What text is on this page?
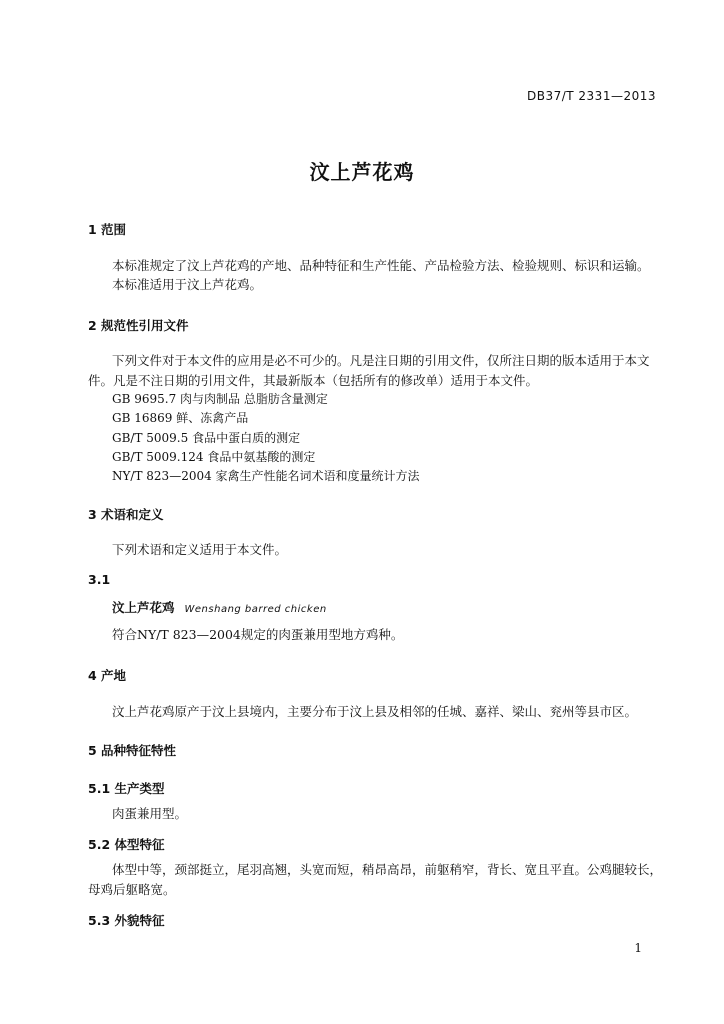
DB37/T 2331—2013
汶上芦花鸡
1 范围
本标准规定了汶上芦花鸡的产地、品种特征和生产性能、产品检验方法、检验规则、标识和运输。
本标准适用于汶上芦花鸡。
2 规范性引用文件
下列文件对于本文件的应用是必不可少的。凡是注日期的引用文件，仅所注日期的版本适用于本文件。凡是不注日期的引用文件，其最新版本（包括所有的修改单）适用于本文件。
GB 9695.7 肉与肉制品 总脂肪含量测定
GB 16869 鲜、冻禽产品
GB/T 5009.5 食品中蛋白质的测定
GB/T 5009.124 食品中氨基酸的测定
NY/T 823—2004 家禽生产性能名词术语和度量统计方法
3 术语和定义
下列术语和定义适用于本文件。
3.1
汶上芦花鸡 Wenshang barred chicken
符合NY/T 823—2004规定的肉蛋兼用型地方鸡种。
4 产地
汶上芦花鸡原产于汶上县境内，主要分布于汶上县及相邻的任城、嘉祥、梁山、兖州等县市区。
5 品种特征特性
5.1 生产类型
肉蛋兼用型。
5.2 体型特征
体型中等，颈部挺立，尾羽高翘，头宽而短，稍昂高昂，前躯稍窄，背长、宽且平直。公鸡腿较长，母鸡后躯略宽。
5.3 外貌特征
1
